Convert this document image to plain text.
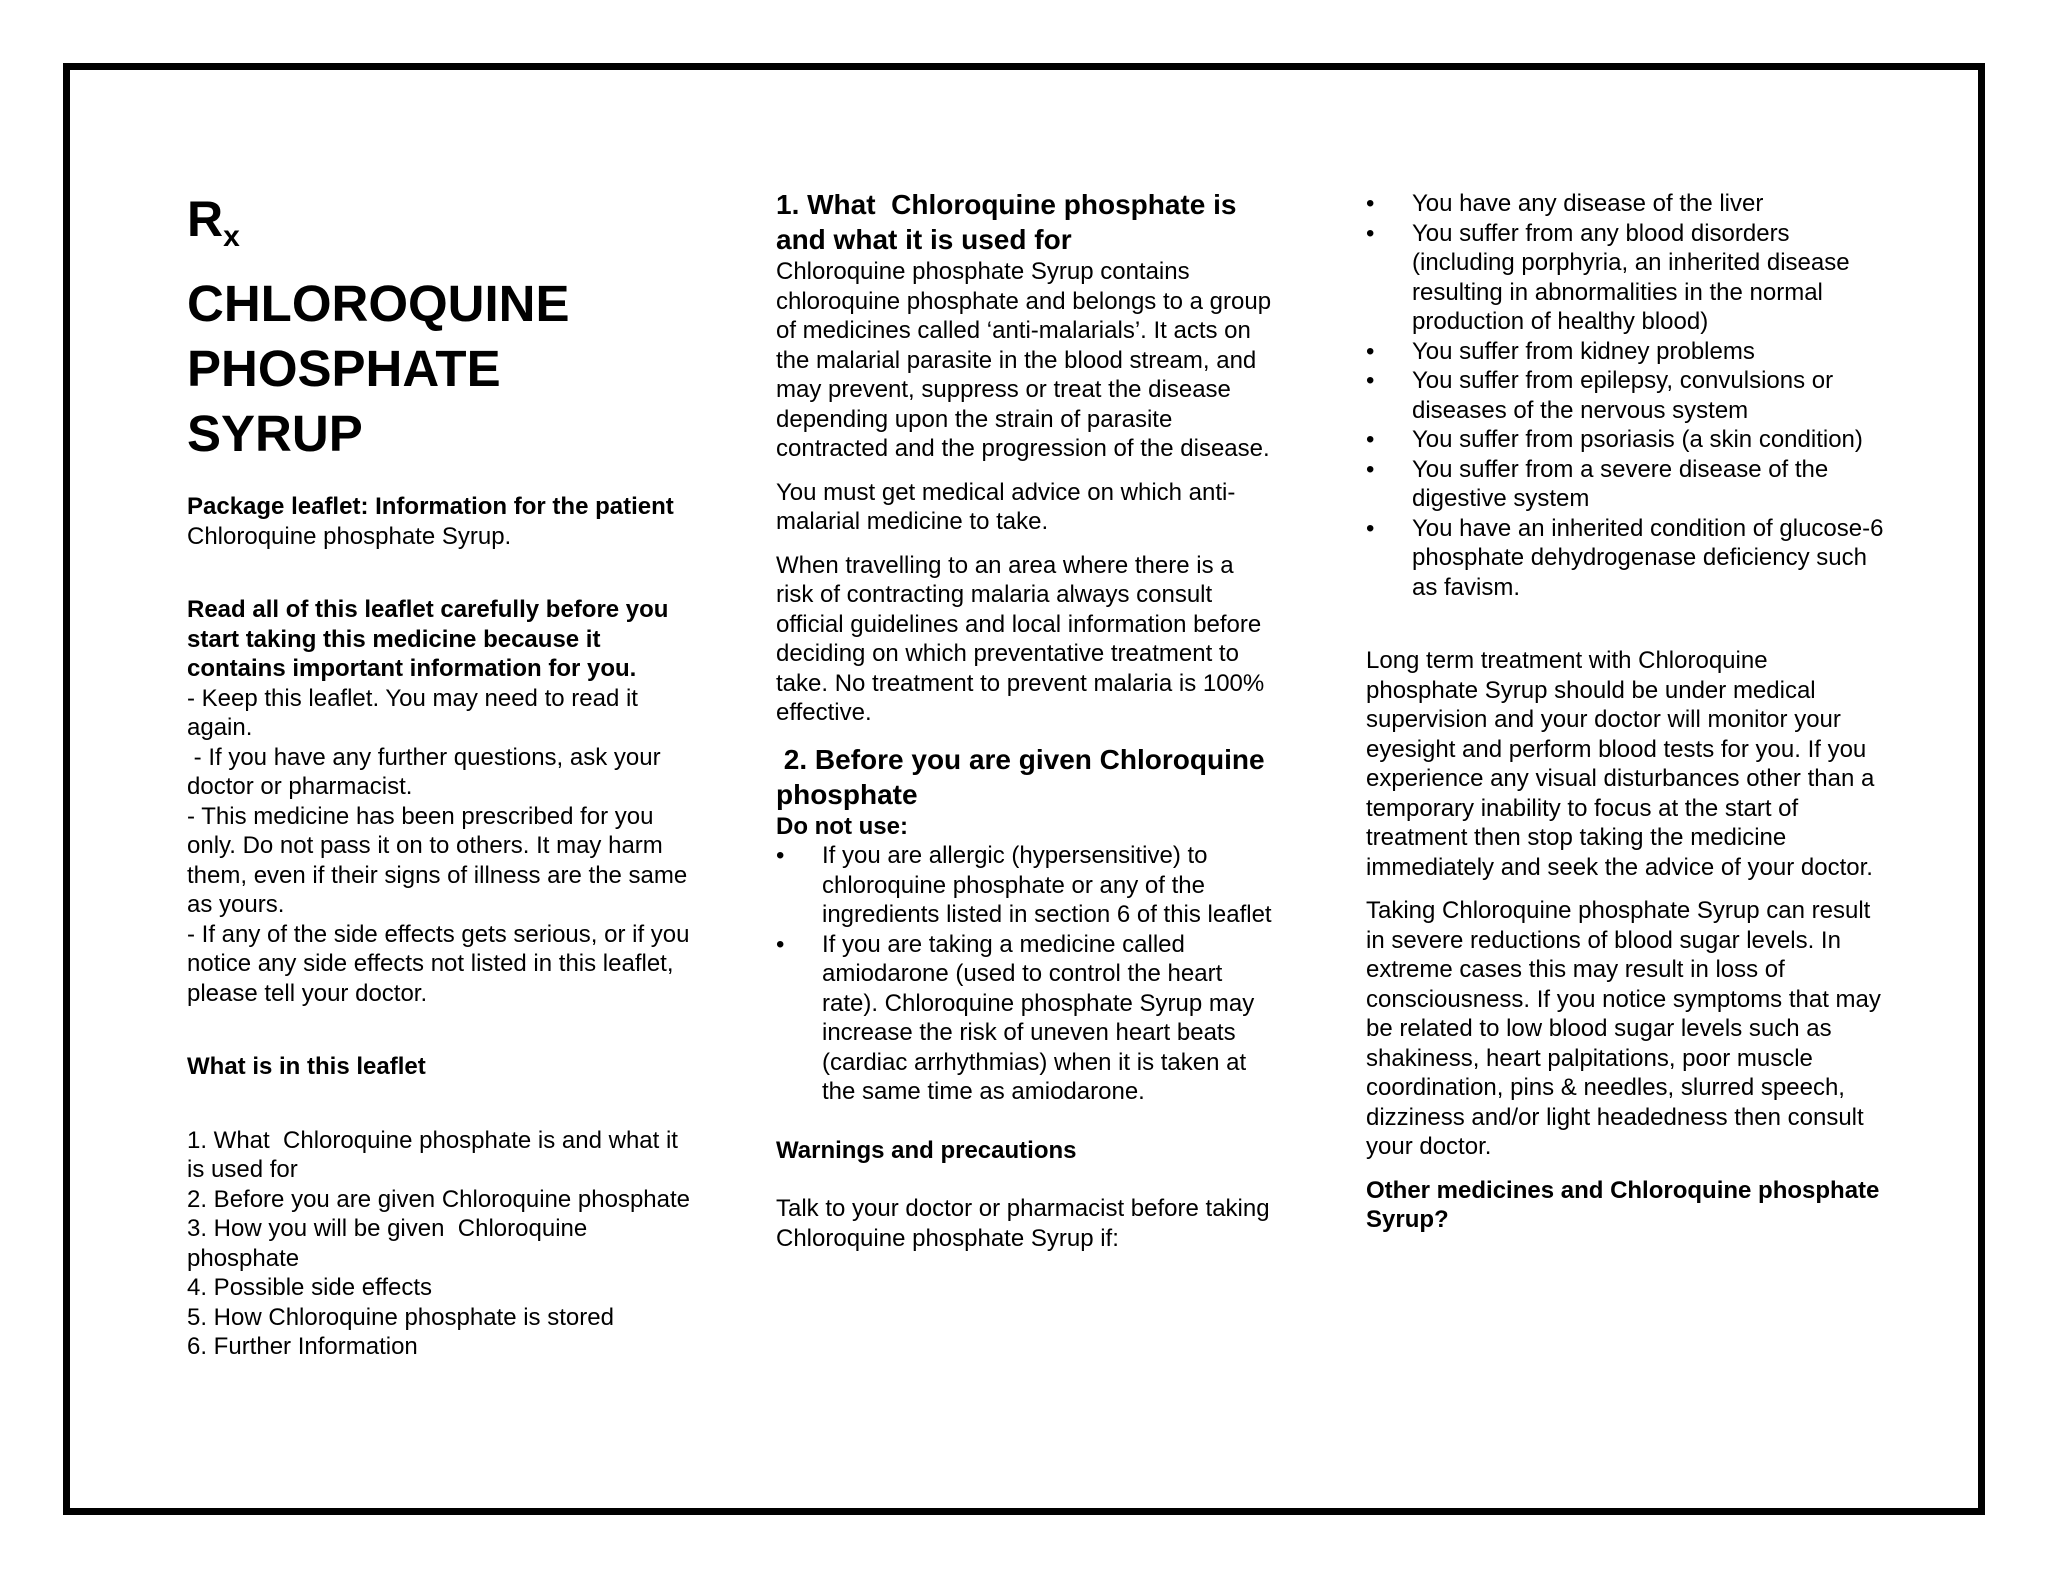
$R_x$
CHLOROQUINE
PHOSPHATE
SYRUP

Package leaflet: Information for the patient

Chloroquine phosphate Syrup.

Read all of this leaflet carefully before you start taking this medicine because it contains important information for you.

- Keep this leaflet. You may need to read it again.

- If you have any further questions, ask your doctor or pharmacist.

- This medicine has been prescribed for you only. Do not pass it on to others. It may harm them, even if their signs of illness are the same as yours.

- If any of the side effects gets serious, or if you notice any side effects not listed in this leaflet, please tell your doctor.

What is in this leaflet

1. What  Chloroquine phosphate is and what it is used for

2. Before you are given Chloroquine phosphate

3. How you will be given  Chloroquine phosphate

4. Possible side effects

5. How Chloroquine phosphate is stored

6. Further Information

1. What  Chloroquine phosphate is and what it is used for

Chloroquine phosphate Syrup contains chloroquine phosphate and belongs to a group of medicines called ‘anti-malarials’. It acts on the malarial parasite in the blood stream, and may prevent, suppress or treat the disease depending upon the strain of parasite contracted and the progression of the disease.

You must get medical advice on which anti-malarial medicine to take.

When travelling to an area where there is a risk of contracting malaria always consult official guidelines and local information before deciding on which preventative treatment to take. No treatment to prevent malaria is 100% effective.

2. Before you are given Chloroquine phosphate

Do not use:

• If you are allergic (hypersensitive) to chloroquine phosphate or any of the ingredients listed in section 6 of this leaflet
• If you are taking a medicine called amiodarone (used to control the heart rate). Chloroquine phosphate Syrup may increase the risk of uneven heart beats (cardiac arrhythmias) when it is taken at the same time as amiodarone.

Warnings and precautions

Talk to your doctor or pharmacist before taking Chloroquine phosphate Syrup if:

• You have any disease of the liver
• You suffer from any blood disorders (including porphyria, an inherited disease resulting in abnormalities in the normal production of healthy blood)
• You suffer from kidney problems
• You suffer from epilepsy, convulsions or diseases of the nervous system
• You suffer from psoriasis (a skin condition)
• You suffer from a severe disease of the digestive system
• You have an inherited condition of glucose-6 phosphate dehydrogenase deficiency such as favism.

Long term treatment with Chloroquine phosphate Syrup should be under medical supervision and your doctor will monitor your eyesight and perform blood tests for you. If you experience any visual disturbances other than a temporary inability to focus at the start of treatment then stop taking the medicine immediately and seek the advice of your doctor.

Taking Chloroquine phosphate Syrup can result in severe reductions of blood sugar levels. In extreme cases this may result in loss of consciousness. If you notice symptoms that may be related to low blood sugar levels such as shakiness, heart palpitations, poor muscle coordination, pins & needles, slurred speech, dizziness and/or light headedness then consult your doctor.

Other medicines and Chloroquine phosphate Syrup?
